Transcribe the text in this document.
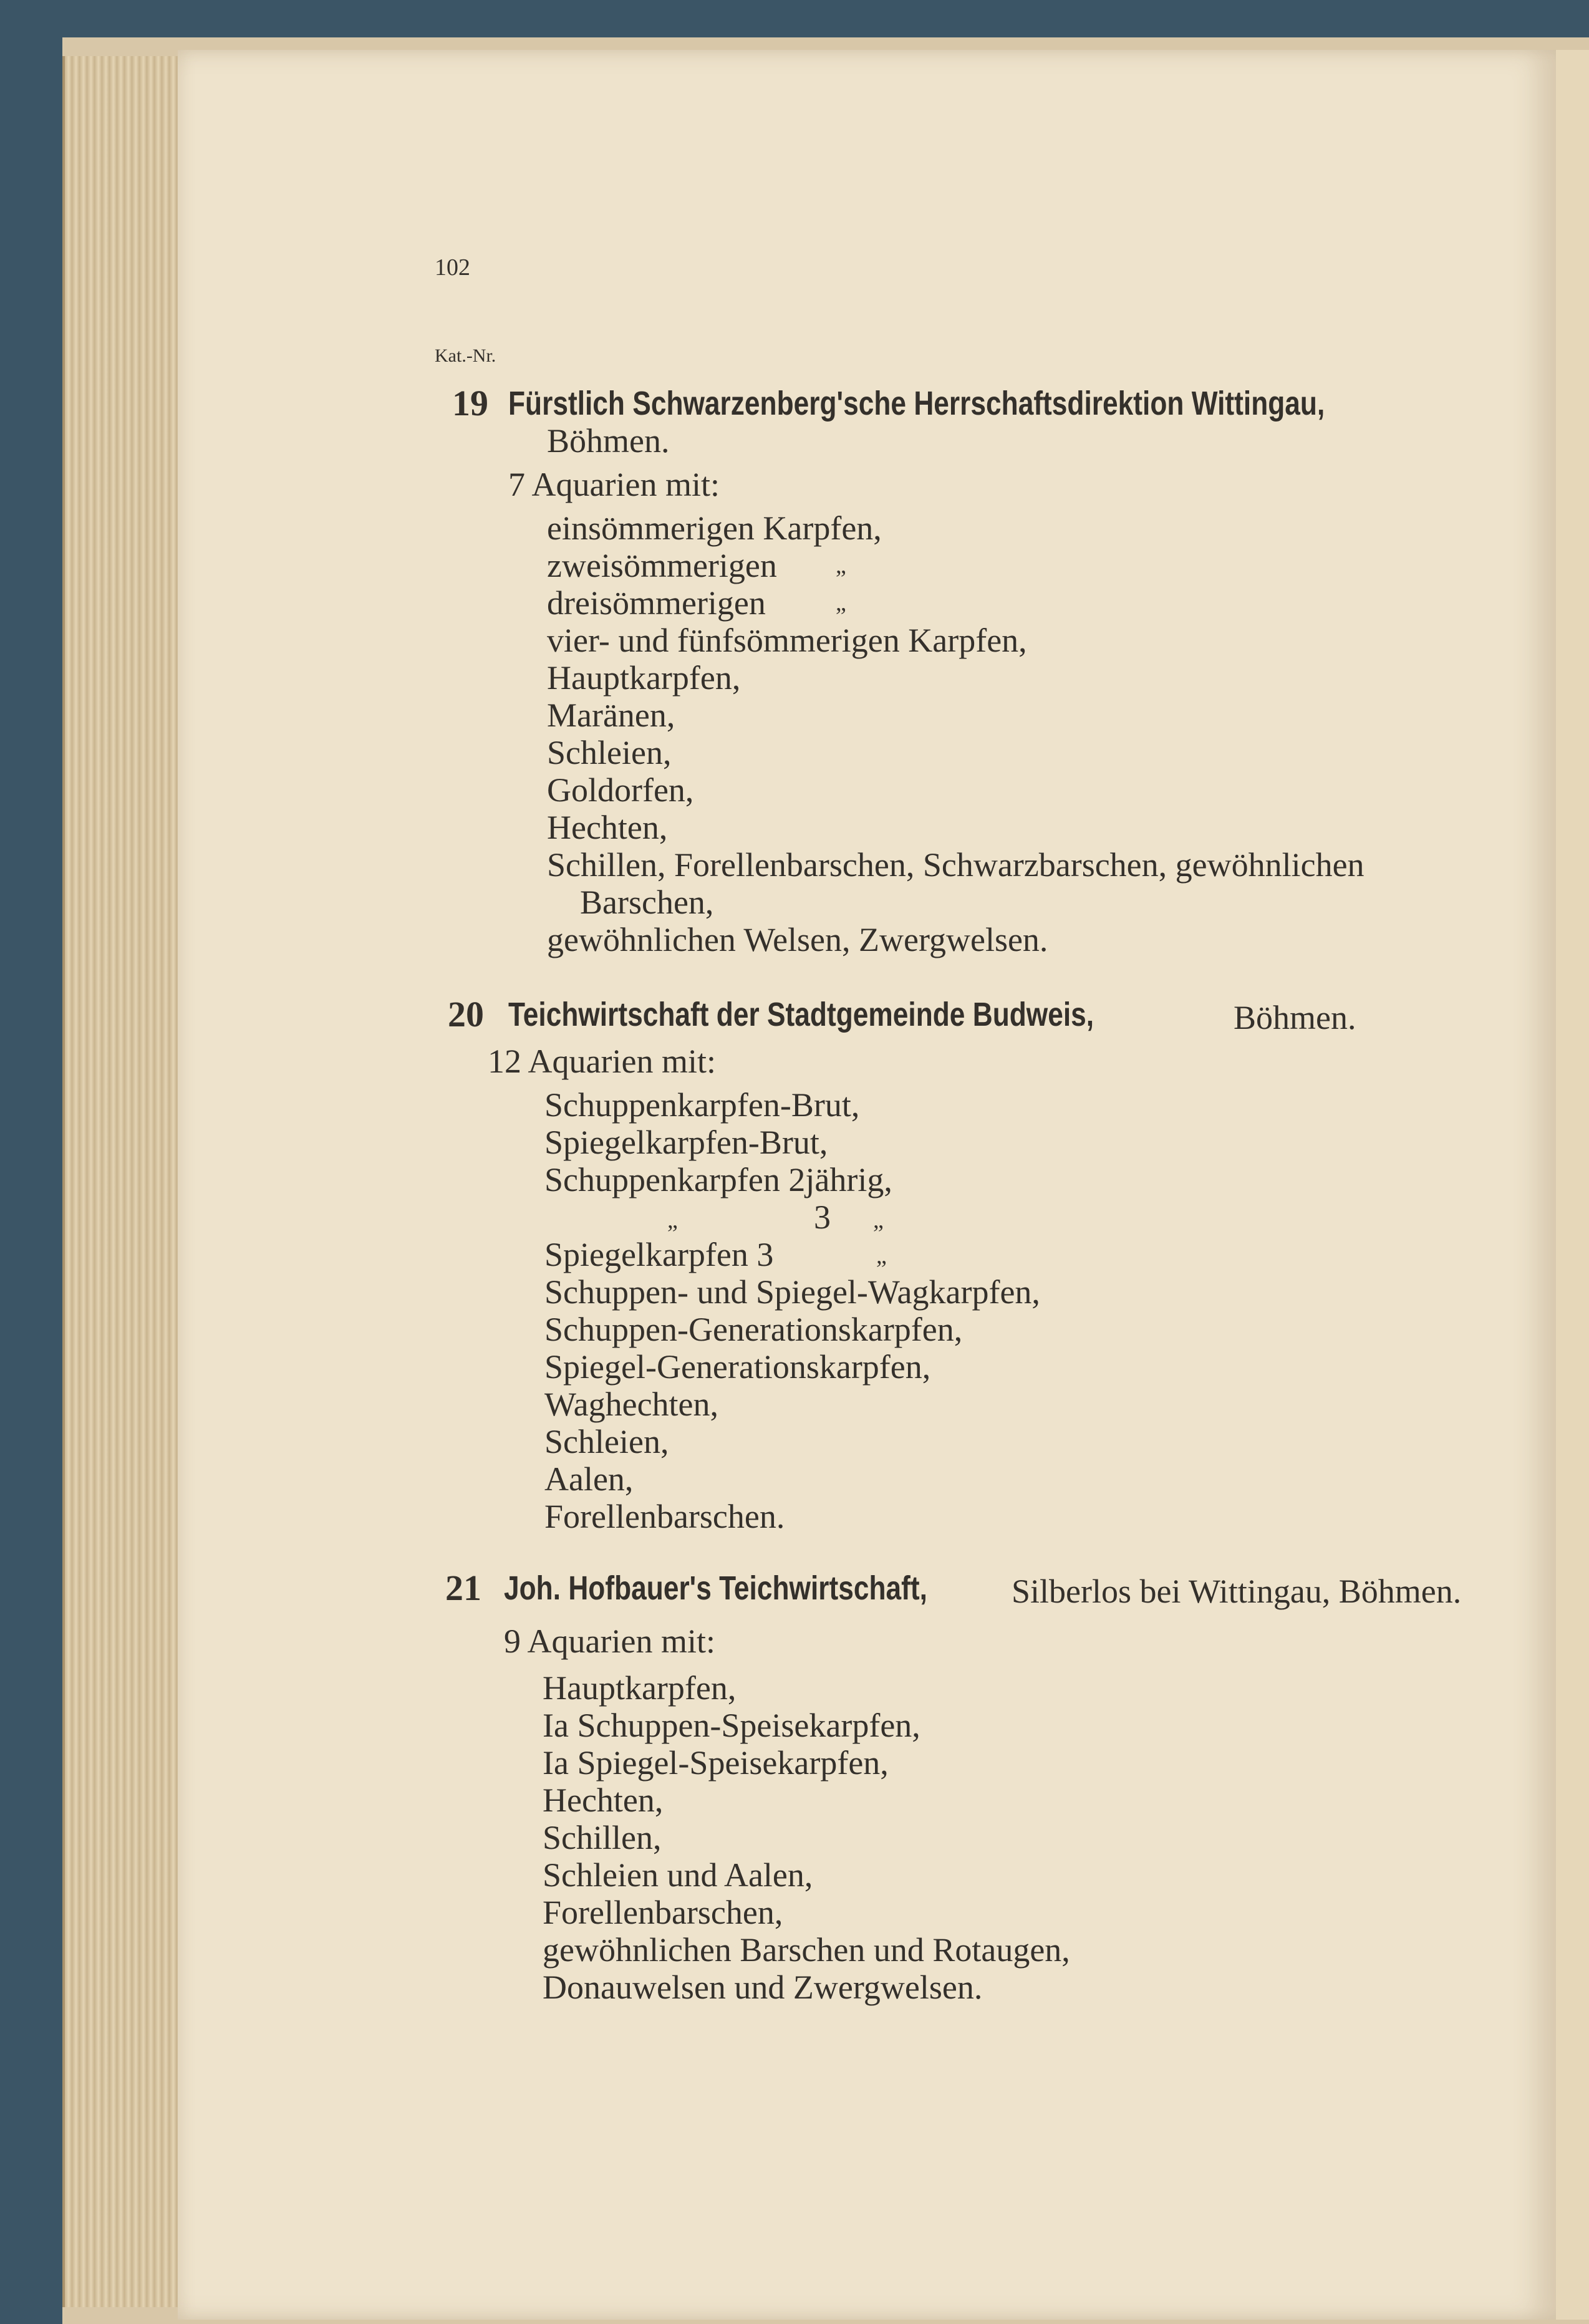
102
Kat.-Nr.
19 Fürstlich Schwarzenberg'sche Herrschaftsdirektion Wittingau,
Böhmen.
7 Aquarien mit:
einsömmerigen Karpfen,
zweisömmerigen „
dreisömmerigen	„
vier- und fünfsömmerigen Karpfen,
Hauptkarpfen,
Maränen,
Schleien,
Goldorfen,
Hechten,
Schillen, Forellenbarschen, Schwarzbarschen, gewöhnlichen
Barschen,
gewöhnlichen Welsen, Zwergwelsen.
20 Teichwirtschaft der Stadtgemeinde Budweis,	Böhmen.
12 Aquarien mit:
Schuppenkarpfen-Brut,
Spiegelkarpfen-Brut,
Schuppenkarpfen 2jährig,
„	3 „
Spiegelkarpfen 3	„
Schuppen- und Spiegel-Wagkarpfen,
Schuppen-Generationskarpfen,
Spiegel-Generationskarpfen,
Waghechten,
Schleien,
Aalen,
Forellenbarschen.
21 Joh. Hofbauer's Teichwirtschaft,	Silberlos bei Wittingau, Böhmen.
9 Aquarien mit:
Hauptkarpfen,
Ia Schuppen-Speisekarpfen,
Ia Spiegel-Speisekarpfen,
Hechten,
Schillen,
Schleien und Aalen,
Forellenbarschen,
gewöhnlichen Barschen und Rotaugen,
Donauwelsen und Zwergwelsen.
